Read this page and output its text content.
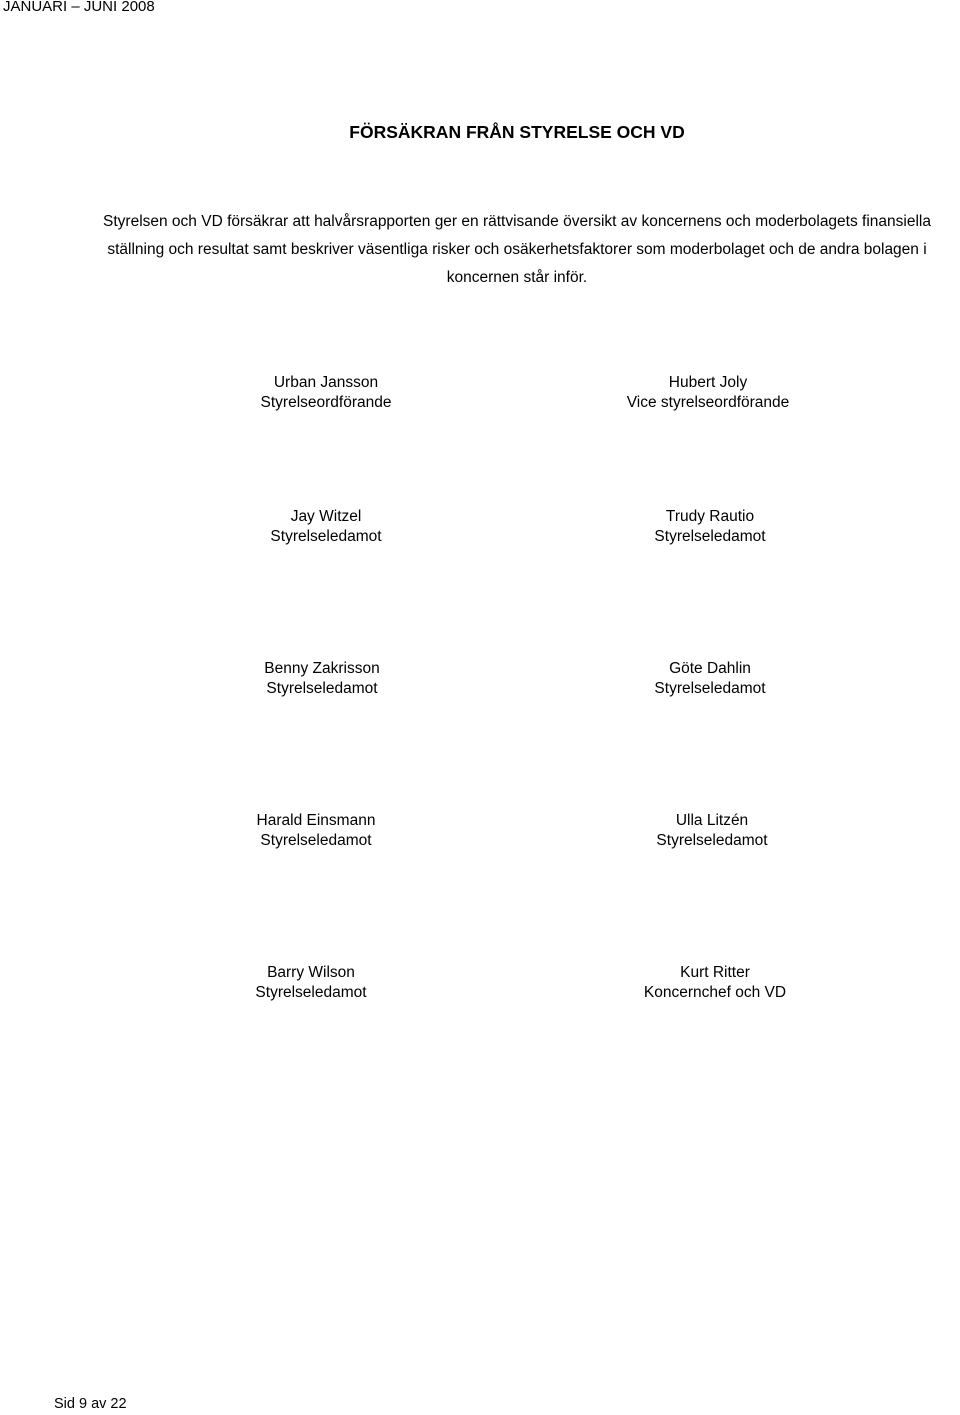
JANUARI – JUNI 2008
FÖRSÄKRAN FRÅN STYRELSE OCH VD
Styrelsen och VD försäkrar att halvårsrapporten ger en rättvisande översikt av koncernens och moderbolagets finansiella
ställning och resultat samt beskriver väsentliga risker och osäkerhetsfaktorer som moderbolaget och de andra bolagen i
koncernen står inför.
Urban Jansson
Styrelseordförande
Hubert Joly
Vice styrelseordförande
Jay Witzel
Styrelseledamot
Trudy Rautio
Styrelseledamot
Benny Zakrisson
Styrelseledamot
Göte Dahlin
Styrelseledamot
Harald Einsmann
Styrelseledamot
Ulla Litzén
Styrelseledamot
Barry Wilson
Styrelseledamot
Kurt Ritter
Koncernchef och VD
Sid 9 av 22
